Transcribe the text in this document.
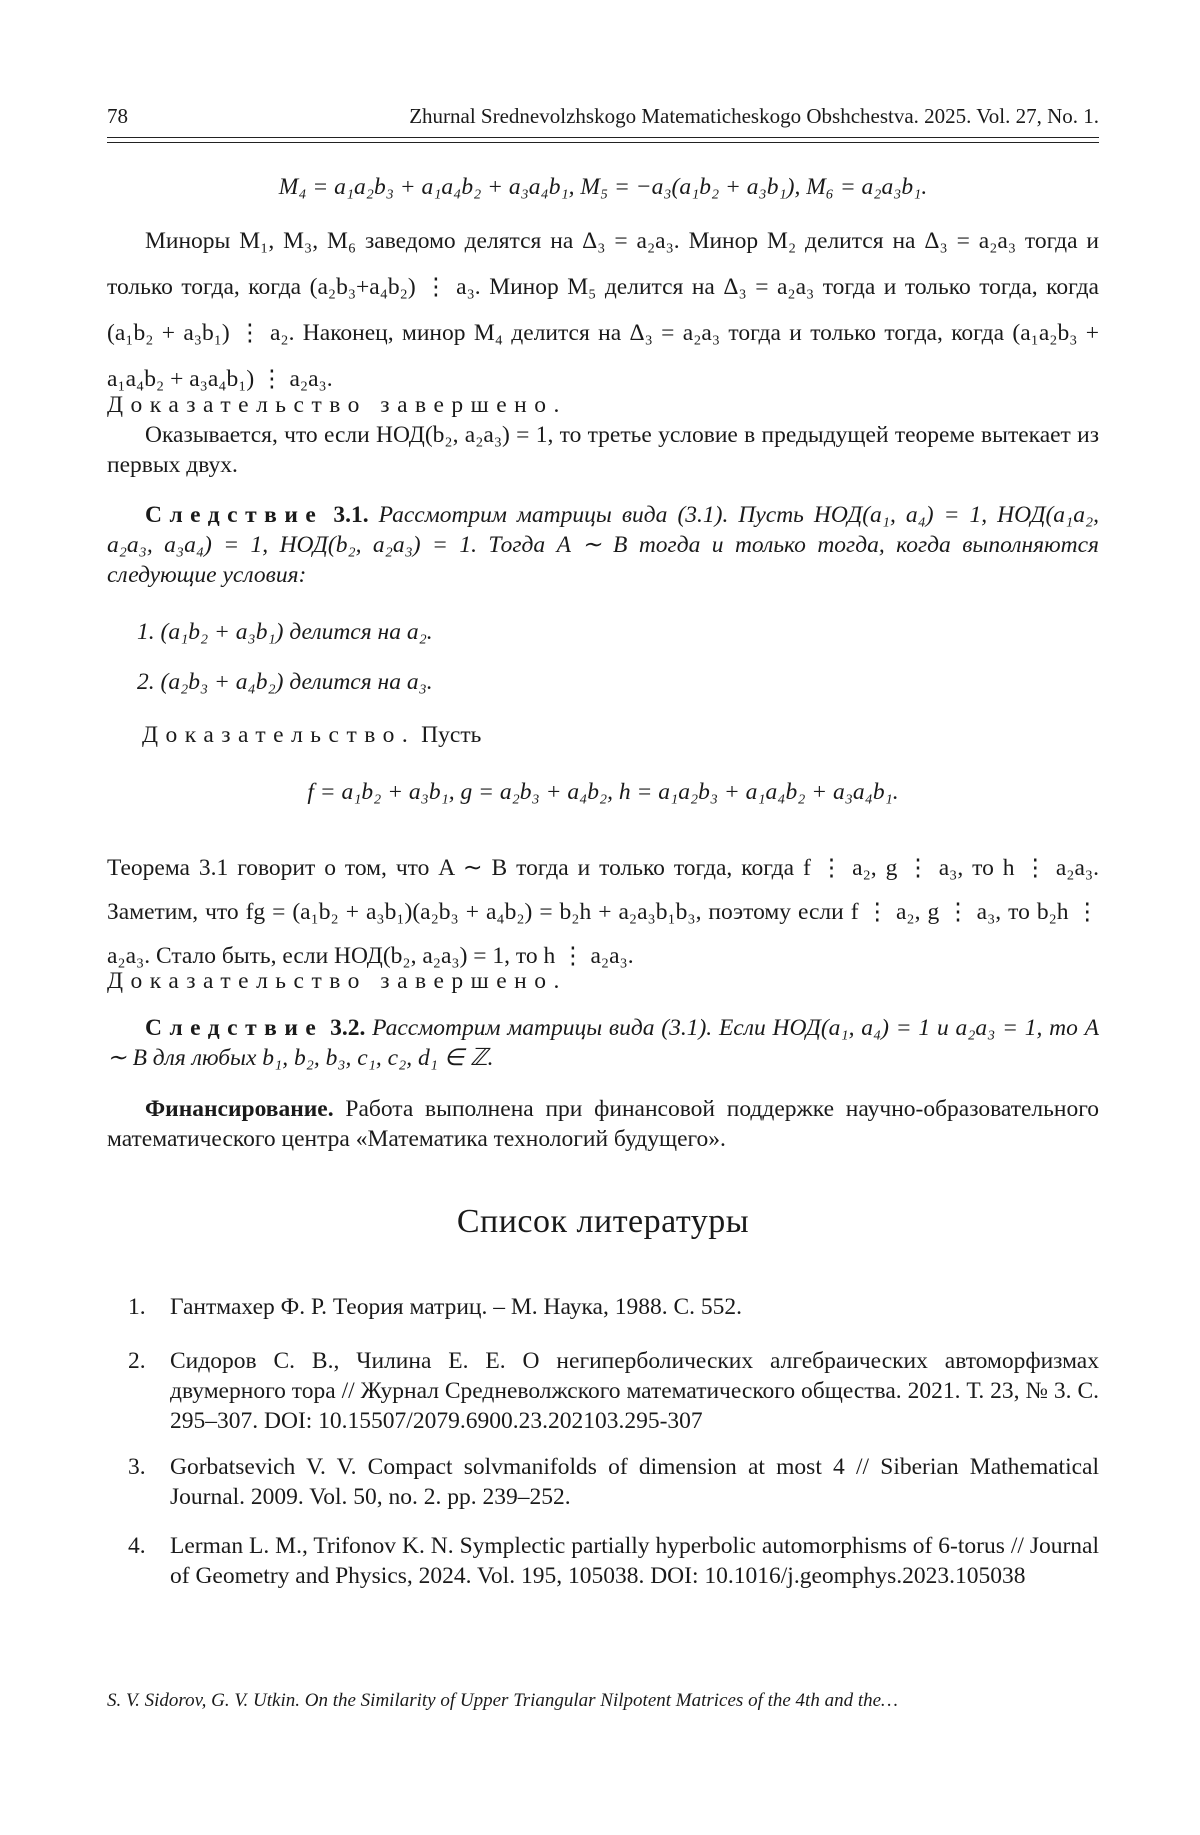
78	Zhurnal Srednevolzhskogo Matematicheskogo Obshchestva. 2025. Vol. 27, No. 1.
M₄ = a₁a₂b₃ + a₁a₄b₂ + a₃a₄b₁, M₅ = −a₃(a₁b₂ + a₃b₁), M₆ = a₂a₃b₁.
Миноры M₁, M₃, M₆ заведомо делятся на Δ₃ = a₂a₃. Минор M₂ делится на Δ₃ = a₂a₃ тогда и только тогда, когда (a₂b₃+a₄b₂) ⋮ a₃. Минор M₅ делится на Δ₃ = a₂a₃ тогда и только тогда, когда (a₁b₂ + a₃b₁) ⋮ a₂. Наконец, минор M₄ делится на Δ₃ = a₂a₃ тогда и только тогда, когда (a₁a₂b₃ + a₁a₄b₂ + a₃a₄b₁) ⋮ a₂a₃.
Доказательство завершено.
Оказывается, что если НОД(b₂, a₂a₃) = 1, то третье условие в предыдущей теореме вытекает из первых двух.
Следствие 3.1. Рассмотрим матрицы вида (3.1). Пусть НОД(a₁, a₄) = 1, НОД(a₁a₂, a₂a₃, a₃a₄) = 1, НОД(b₂, a₂a₃) = 1. Тогда A ∼ B тогда и только тогда, когда выполняются следующие условия:
1. (a₁b₂ + a₃b₁) делится на a₂.
2. (a₂b₃ + a₄b₂) делится на a₃.
Доказательство. Пусть
f = a₁b₂ + a₃b₁, g = a₂b₃ + a₄b₂, h = a₁a₂b₃ + a₁a₄b₂ + a₃a₄b₁.
Теорема 3.1 говорит о том, что A ∼ B тогда и только тогда, когда f ⋮ a₂, g ⋮ a₃, то h ⋮ a₂a₃. Заметим, что fg = (a₁b₂ + a₃b₁)(a₂b₃ + a₄b₂) = b₂h + a₂a₃b₁b₃, поэтому если f ⋮ a₂, g ⋮ a₃, то b₂h ⋮ a₂a₃. Стало быть, если НОД(b₂, a₂a₃) = 1, то h ⋮ a₂a₃.
Доказательство завершено.
Следствие 3.2. Рассмотрим матрицы вида (3.1). Если НОД(a₁, a₄) = 1 и a₂a₃ = 1, то A ∼ B для любых b₁, b₂, b₃, c₁, c₂, d₁ ∈ ℤ.
Финансирование. Работа выполнена при финансовой поддержке научно-образовательного математического центра «Математика технологий будущего».
Список литературы
1.	Гантмахер Ф. Р. Теория матриц. – М. Наука, 1988. С. 552.
2.	Сидоров С. В., Чилина Е. Е. О негиперболических алгебраических автоморфизмах двумерного тора // Журнал Средневолжского математического общества. 2021. Т. 23, № 3. С. 295–307. DOI: 10.15507/2079.6900.23.202103.295-307
3.	Gorbatsevich V. V. Compact solvmanifolds of dimension at most 4 // Siberian Mathematical Journal. 2009. Vol. 50, no. 2. pp. 239–252.
4.	Lerman L. M., Trifonov K. N. Symplectic partially hyperbolic automorphisms of 6-torus // Journal of Geometry and Physics, 2024. Vol. 195, 105038. DOI: 10.1016/j.geomphys.2023.105038
S. V. Sidorov, G. V. Utkin. On the Similarity of Upper Triangular Nilpotent Matrices of the 4th and the…
